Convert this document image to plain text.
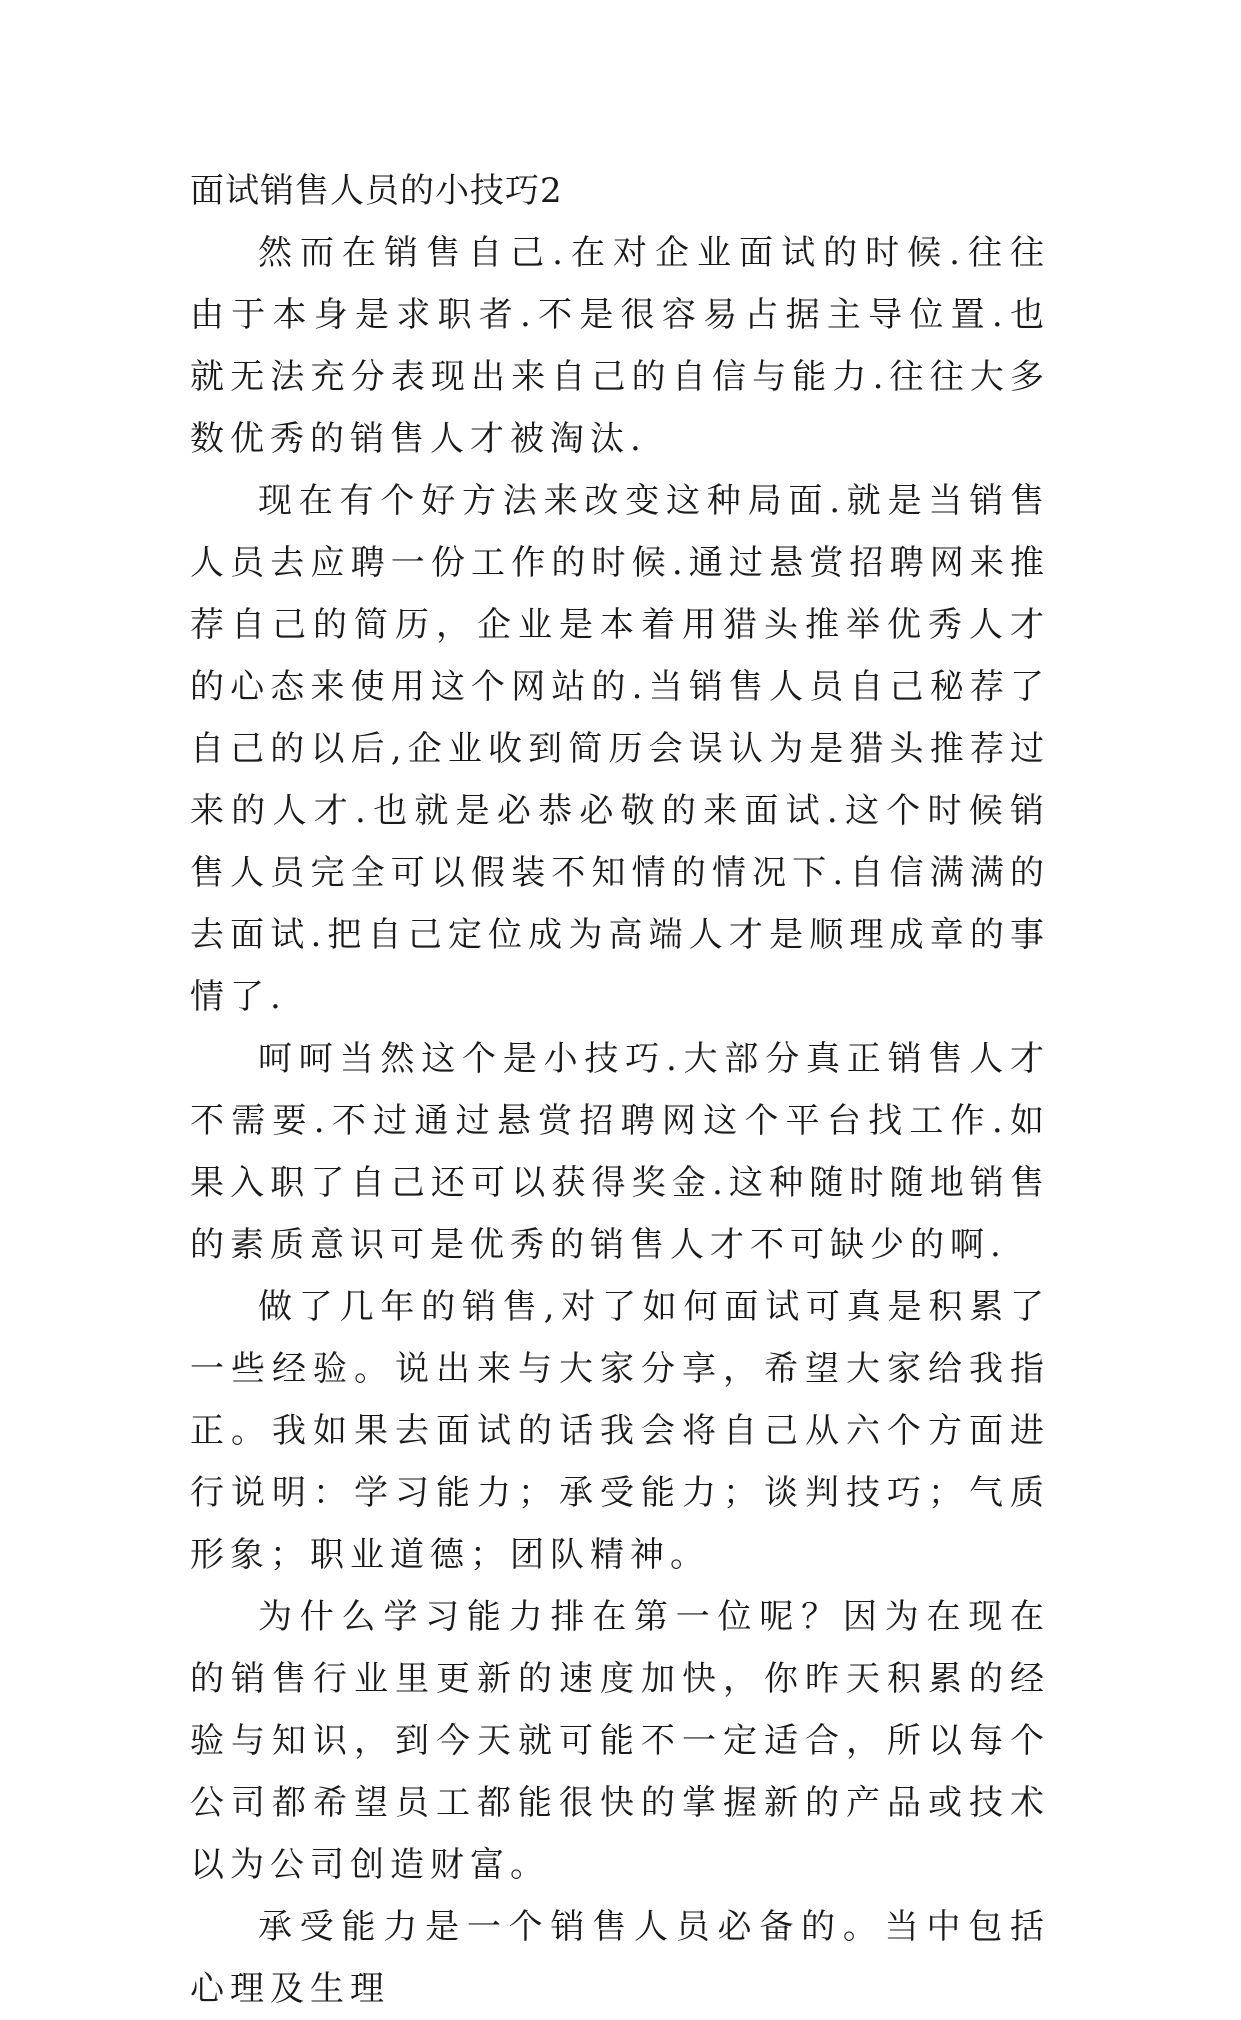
面试销售人员的小技巧2

然而在销售自己.在对企业面试的时候.往往由于本身是求职者.不是很容易占据主导位置.也就无法充分表现出来自己的自信与能力.往往大多数优秀的销售人才被淘汰.

现在有个好方法来改变这种局面.就是当销售人员去应聘一份工作的时候.通过悬赏招聘网来推荐自己的简历，企业是本着用猎头推举优秀人才的心态来使用这个网站的.当销售人员自己秘荐了自己的以后,企业收到简历会误认为是猎头推荐过来的人才.也就是必恭必敬的来面试.这个时候销售人员完全可以假装不知情的情况下.自信满满的去面试.把自己定位成为高端人才是顺理成章的事情了.

呵呵当然这个是小技巧.大部分真正销售人才不需要.不过通过悬赏招聘网这个平台找工作.如果入职了自己还可以获得奖金.这种随时随地销售的素质意识可是优秀的销售人才不可缺少的啊.

做了几年的销售,对了如何面试可真是积累了一些经验。说出来与大家分享，希望大家给我指正。我如果去面试的话我会将自己从六个方面进行说明：学习能力；承受能力；谈判技巧；气质形象；职业道德；团队精神。

为什么学习能力排在第一位呢？因为在现在的销售行业里更新的速度加快，你昨天积累的经验与知识，到今天就可能不一定适合，所以每个公司都希望员工都能很快的掌握新的产品或技术以为公司创造财富。

承受能力是一个销售人员必备的。当中包括心理及生理
